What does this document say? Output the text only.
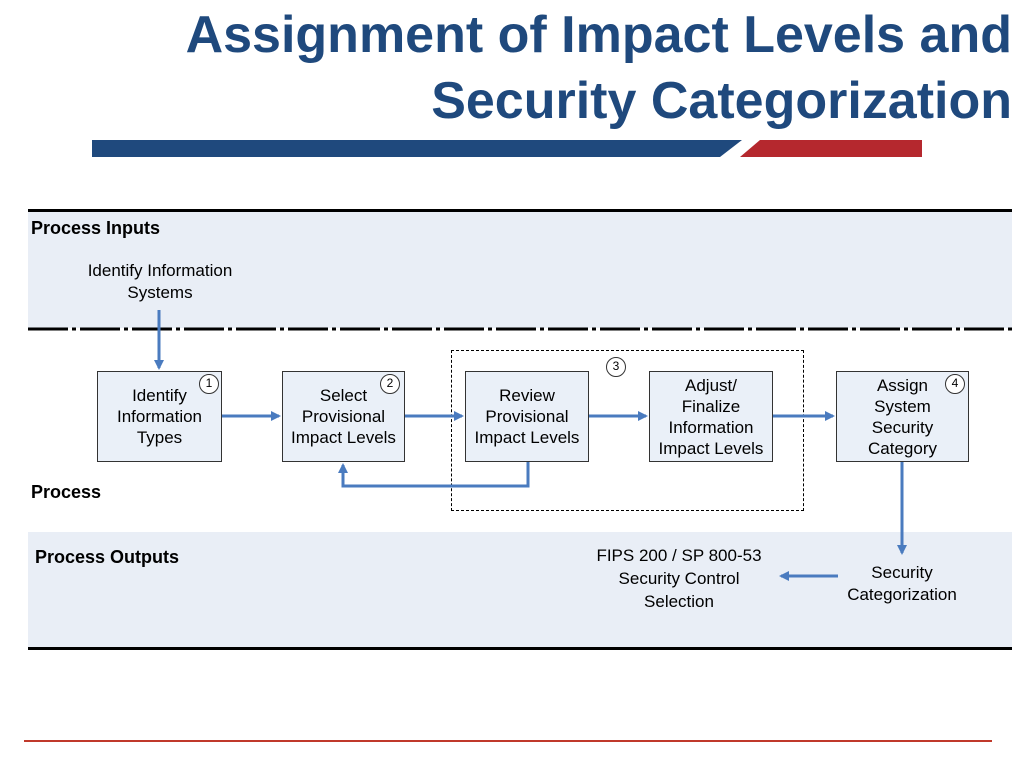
Assignment of Impact Levels and
Security Categorization
Process Inputs
Process
Process Outputs
Identify Information
Systems
3
Identify
Information
Types
1
Select
Provisional
Impact Levels
2
Review
Provisional
Impact Levels
Adjust/
Finalize
Information
Impact Levels
Assign
System
Security
Category
4
Security
Categorization
FIPS 200 / SP 800-53
Security Control
Selection
